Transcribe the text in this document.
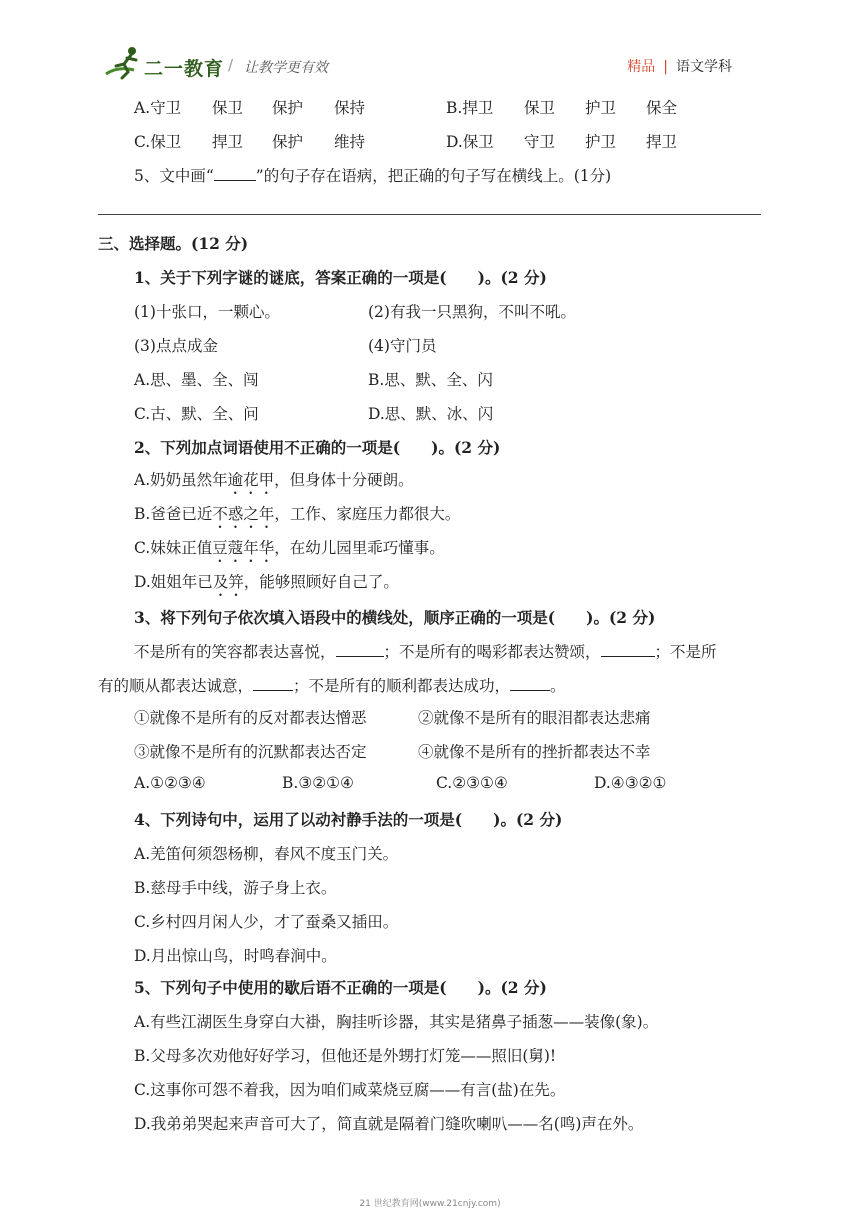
二一教育 / 让教学更有效	精品 | 语文学科
A.守卫 保卫 保护 保持	B.捍卫 保卫 护卫 保全
C.保卫 捍卫 保护 维持	D.保卫 守卫 护卫 捍卫
5、文中画“	”的句子存在语病，把正确的句子写在横线上。(1分)
三、选择题。(12 分)
1、关于下列字谜的谜底，答案正确的一项是(　　)。(2 分)
(1)十张口，一颗心。	(2)有我一只黑狗，不叫不吼。
(3)点点成金	(4)守门员
A.思、墨、全、闯	B.思、默、全、闪
C.古、默、全、问	D.思、默、冰、闪
2、下列加点词语使用不正确的一项是(　　)。(2 分)
A.奶奶虽然年逾花甲，但身体十分硬朗。
B.爸爸已近不惑之年，工作、家庭压力都很大。
C.妹妹正值豆蔻年华，在幼儿园里乖巧懂事。
D.姐姐年已及笄，能够照顾好自己了。
3、将下列句子依次填入语段中的横线处，顺序正确的一项是(　　)。(2 分)
不是所有的笑容都表达喜悦，	；不是所有的喝彩都表达赞颂，	；不是所
有的顺从都表达诚意，	；不是所有的顺利都表达成功，	。
①就像不是所有的反对都表达憎恶	②就像不是所有的眼泪都表达悲痛
③就像不是所有的沉默都表达否定	④就像不是所有的挫折都表达不幸
A.①②③④	B.③②①④	C.②③①④	D.④③②①
4、下列诗句中，运用了以动衬静手法的一项是(　　)。(2 分)
A.羌笛何须怨杨柳，春风不度玉门关。
B.慈母手中线，游子身上衣。
C.乡村四月闲人少，才了蚕桑又插田。
D.月出惊山鸟，时鸣春涧中。
5、下列句子中使用的歇后语不正确的一项是(　　)。(2 分)
A.有些江湖医生身穿白大褂，胸挂听诊器，其实是猪鼻子插葱——装像(象)。
B.父母多次劝他好好学习，但他还是外甥打灯笼——照旧(舅)!
C.这事你可怨不着我，因为咱们咸菜烧豆腐——有言(盐)在先。
D.我弟弟哭起来声音可大了，简直就是隔着门缝吹喇叭——名(鸣)声在外。
21 世纪教育网(www.21cnjy.com)
